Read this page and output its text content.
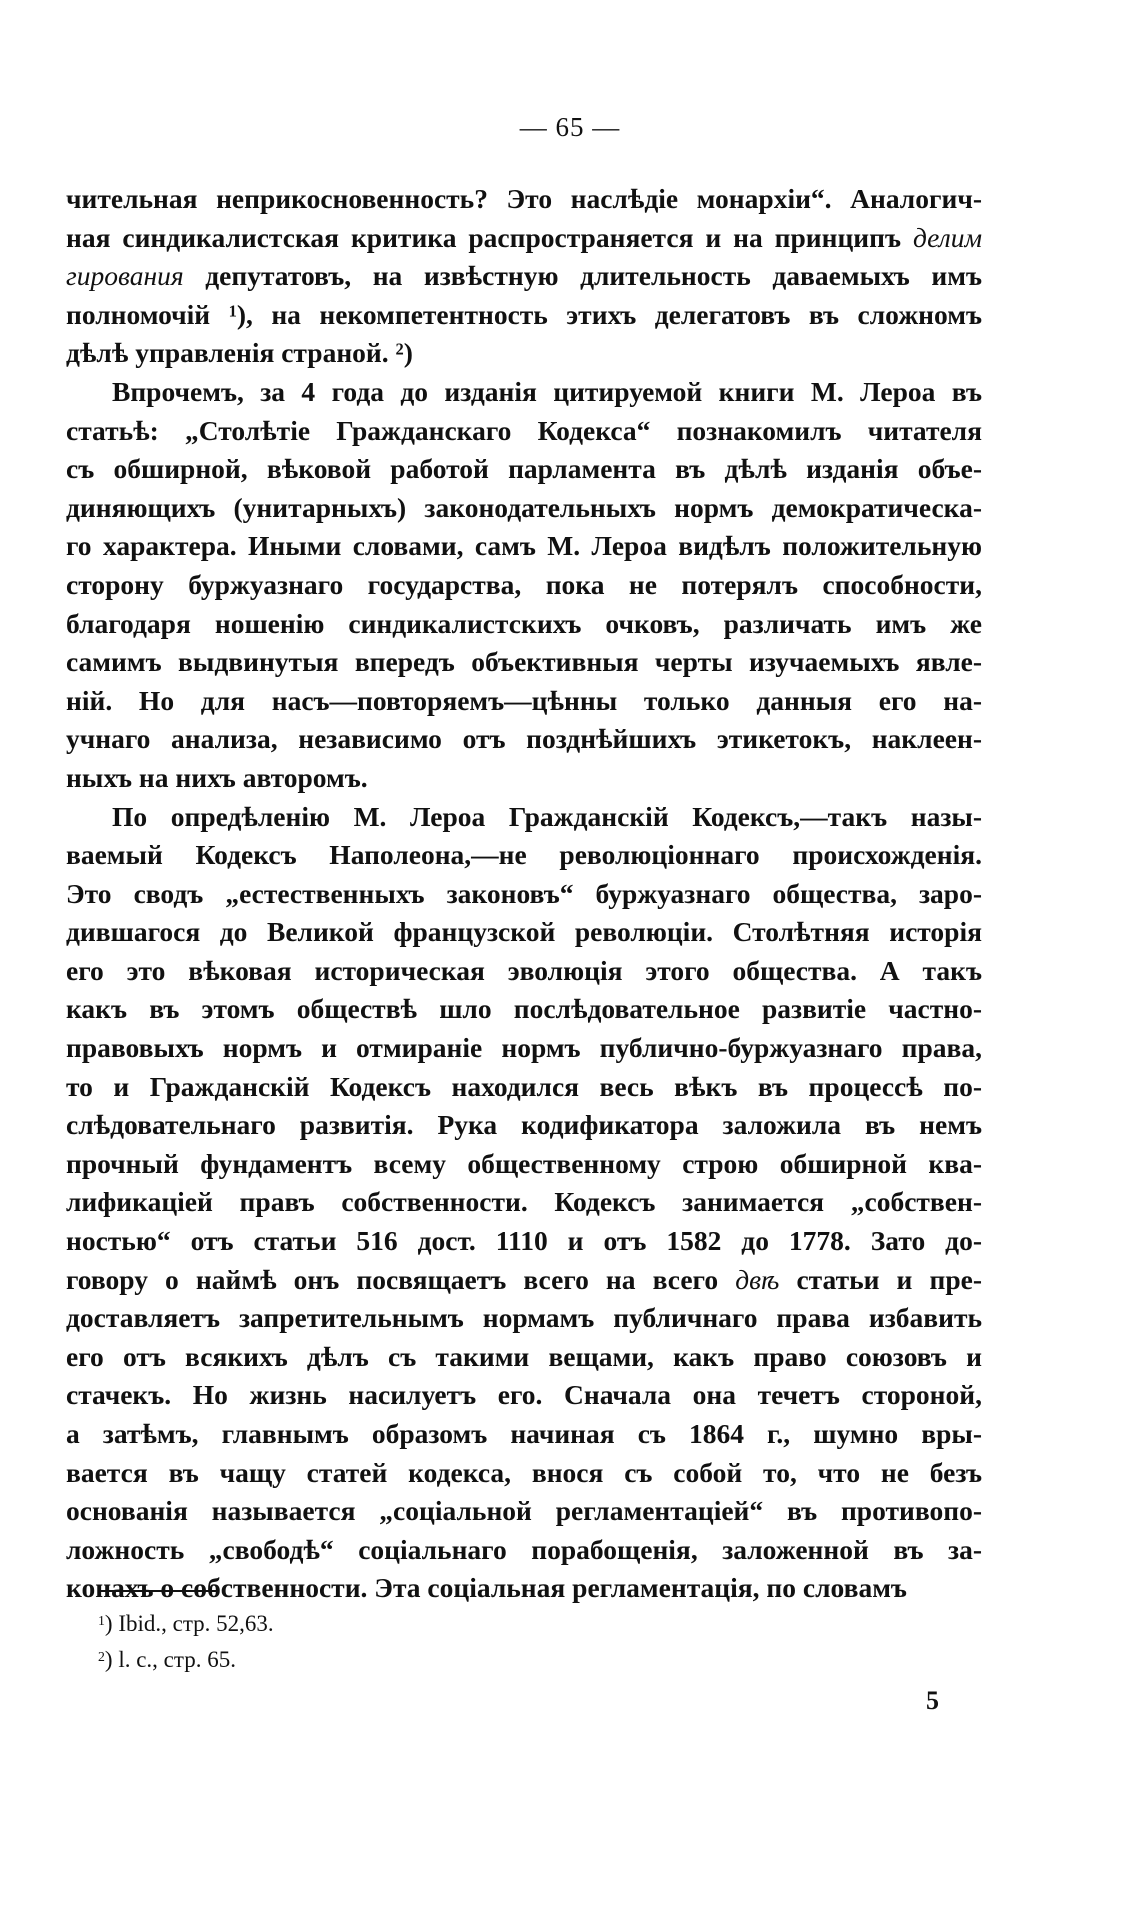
— 65 —
чительная неприкосновенность? Это наслѣдіе монархіи“. Аналогич-
ная синдикалистская критика распространяется и на принципъ делим
гирования депутатовъ, на извѣстную длительность даваемыхъ имъ
полномочій $^1$), на некомпетентность этихъ делегатовъ въ сложномъ
дѣлѣ управленія страной. $^2$)
Впрочемъ, за 4 года до изданія цитируемой книги М. Лероа въ
статьѣ: „Столѣтіе Гражданскаго Кодекса“ познакомилъ читателя
съ обширной, вѣковой работой парламента въ дѣлѣ изданія объе-
диняющихъ (унитарныхъ) законодательныхъ нормъ демократическа-
го характера. Иными словами, самъ М. Лероа видѣлъ положительную
сторону буржуазнаго государства, пока не потерялъ способности,
благодаря ношенію синдикалистскихъ очковъ, различать имъ же
самимъ выдвинутыя впередъ объективныя черты изучаемыхъ явле-
ній. Но для насъ—повторяемъ—цѣнны только данныя его на-
учнаго анализа, независимо отъ позднѣйшихъ этикетокъ, наклеен-
ныхъ на нихъ авторомъ.
По опредѣленію М. Лероа Гражданскій Кодексъ,—такъ назы-
ваемый Кодексъ Наполеона,—не революціоннаго происхожденія.
Это сводъ „естественныхъ законовъ“ буржуазнаго общества, заро-
дившагося до Великой французской революціи. Столѣтняя исторія
его это вѣковая историческая эволюція этого общества. А такъ
какъ въ этомъ обществѣ шло послѣдовательное развитіе частно-
правовыхъ нормъ и отмираніе нормъ публично-буржуазнаго права,
то и Гражданскій Кодексъ находился весь вѣкъ въ процессѣ по-
слѣдовательнаго развитія. Рука кодификатора заложила въ немъ
прочный фундаментъ всему общественному строю обширной ква-
лификаціей правъ собственности. Кодексъ занимается „собствен-
ностью“ отъ статьи 516 дост. 1110 и отъ 1582 до 1778. Зато до-
говору о наймѣ онъ посвящаетъ всего на всего двѣ статьи и пре-
доставляетъ запретительнымъ нормамъ публичнаго права избавить
его отъ всякихъ дѣлъ съ такими вещами, какъ право союзовъ и
стачекъ. Но жизнь насилуетъ его. Сначала она течетъ стороной,
а затѣмъ, главнымъ образомъ начиная съ 1864 г., шумно вры-
вается въ чащу статей кодекса, внося съ собой то, что не безъ
основанія называется „соціальной регламентаціей“ въ противопо-
ложность „свободѣ“ соціальнаго порабощенія, заложенной въ за-
конахъ о собственности. Эта соціальная регламентація, по словамъ
$^1$) Ibid., стр. 52,63.
$^2$) l. c., стр. 65.
5
